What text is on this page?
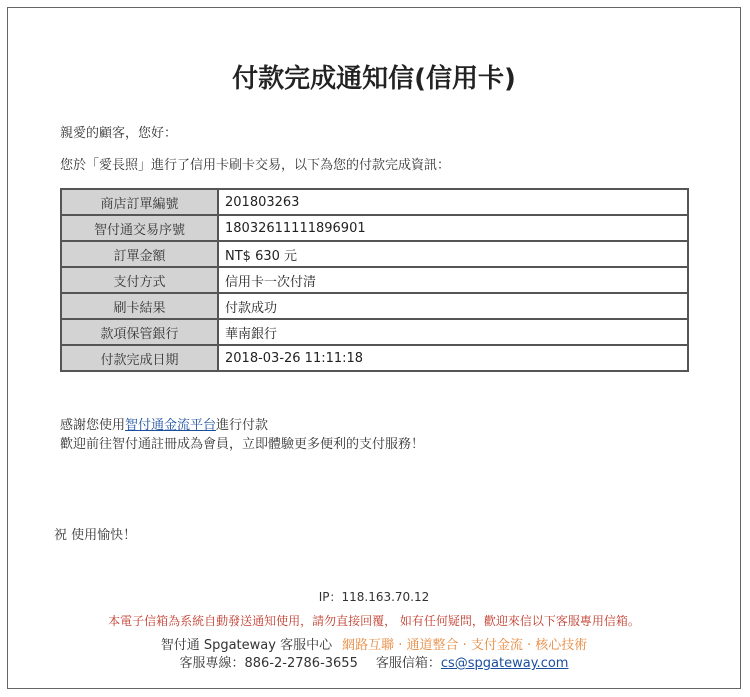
付款完成通知信(信用卡)
親愛的顧客，您好：
您於「愛長照」進行了信用卡刷卡交易，以下為您的付款完成資訊：
商店訂單編號	201803263
智付通交易序號	18032611111896901
訂單金額	NT$ 630 元
支付方式	信用卡一次付清
刷卡結果	付款成功
款項保管銀行	華南銀行
付款完成日期	2018-03-26 11:11:18
感謝您使用智付通金流平台進行付款
歡迎前往智付通註冊成為會員，立即體驗更多便利的支付服務！
祝 使用愉快！
IP：118.163.70.12
本電子信箱為系統自動發送通知使用，請勿直接回覆， 如有任何疑問，歡迎來信以下客服專用信箱。
智付通 Spgateway 客服中心 網路互聯 · 通道整合 · 支付金流 · 核心技術
客服專線：886-2-2786-3655 客服信箱：cs@spgateway.com
